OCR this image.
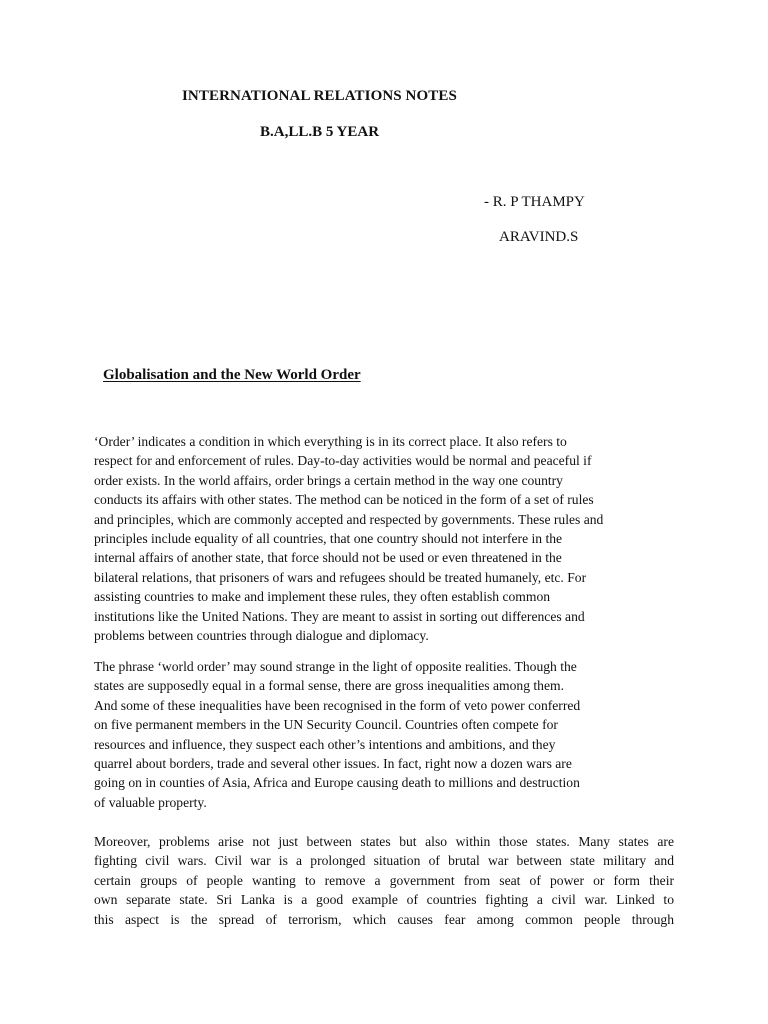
INTERNATIONAL RELATIONS NOTES
B.A,LL.B 5 YEAR
- R. P THAMPY
ARAVIND.S
Globalisation and the New World Order
‘Order’ indicates a condition in which everything is in its correct place. It also refers to
respect for and enforcement of rules. Day-to-day activities would be normal and peaceful if
order exists. In the world affairs, order brings a certain method in the way one country
conducts its affairs with other states. The method can be noticed in the form of a set of rules
and principles, which are commonly accepted and respected by governments. These rules and
principles include equality of all countries, that one country should not interfere in the
internal affairs of another state, that force should not be used or even threatened in the
bilateral relations, that prisoners of wars and refugees should be treated humanely, etc. For
assisting countries to make and implement these rules, they often establish common
institutions like the United Nations. They are meant to assist in sorting out differences and
problems between countries through dialogue and diplomacy.
The phrase ‘world order’ may sound strange in the light of opposite realities. Though the
states are supposedly equal in a formal sense, there are gross inequalities among them.
And some of these inequalities have been recognised in the form of veto power conferred
on five permanent members in the UN Security Council. Countries often compete for
resources and influence, they suspect each other’s intentions and ambitions, and they
quarrel about borders, trade and several other issues. In fact, right now a dozen wars are
going on in counties of Asia, Africa and Europe causing death to millions and destruction
of valuable property.
Moreover, problems arise not just between states but also within those states. Many states are
fighting civil wars. Civil war is a prolonged situation of brutal war between state military and
certain groups of people wanting to remove a government from seat of power or form their
own separate state. Sri Lanka is a good example of countries fighting a civil war. Linked to
this aspect is the spread of terrorism, which causes fear among common people through
